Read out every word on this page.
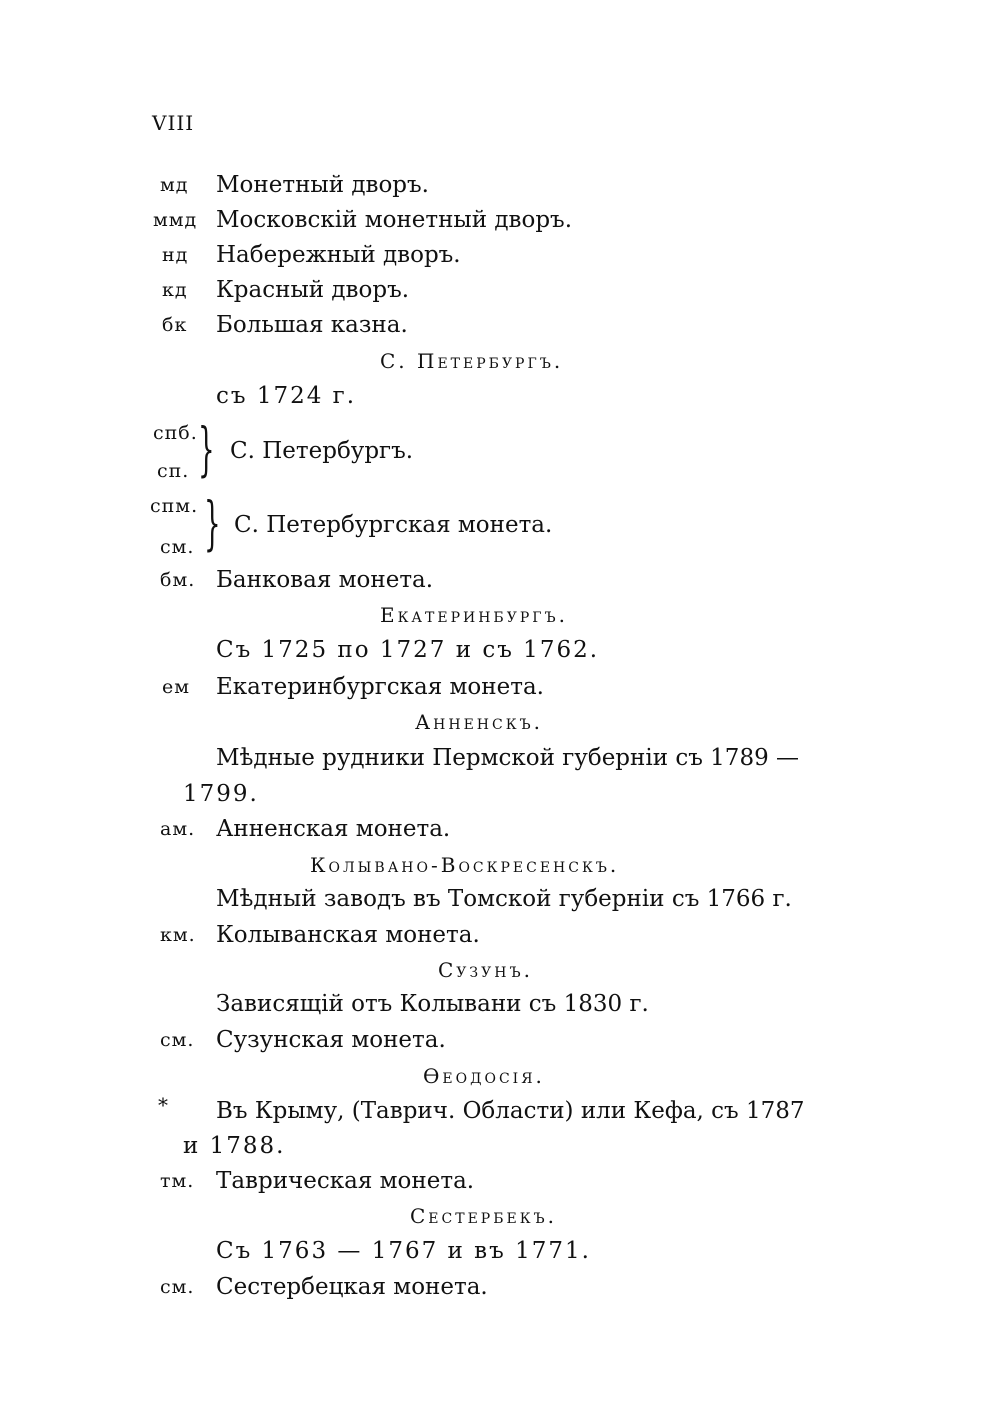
VIII
мд Монетный дворъ.
ммд Московскій монетный дворъ.
нд Набережный дворъ.
кд Красный дворъ.
бк Большая казна.
С. Петербургъ.
съ 1724 г.
спб.
сп. } С. Петербургъ.
спм.
см. } С. Петербургская монета.
бм. Банковая монета.
Екатеринбургъ.
Съ 1725 по 1727 и съ 1762.
ем Екатеринбургская монета.
Анненскъ.
Мѣдные рудники Пермской губерніи съ 1789 —
1799.
ам. Анненская монета.
Колывано-Воскресенскъ.
Мѣдный заводъ въ Томской губерніи съ 1766 г.
км. Колыванская монета.
Сузунъ.
Зависящій отъ Колывани съ 1830 г.
см. Сузунская монета.
Ѳеодосія.
* Въ Крыму, (Таврич. Области) или Кефа, съ 1787
и 1788.
тм. Таврическая монета.
Сестербекъ.
Съ 1763 — 1767 и въ 1771.
см. Сестербецкая монета.
